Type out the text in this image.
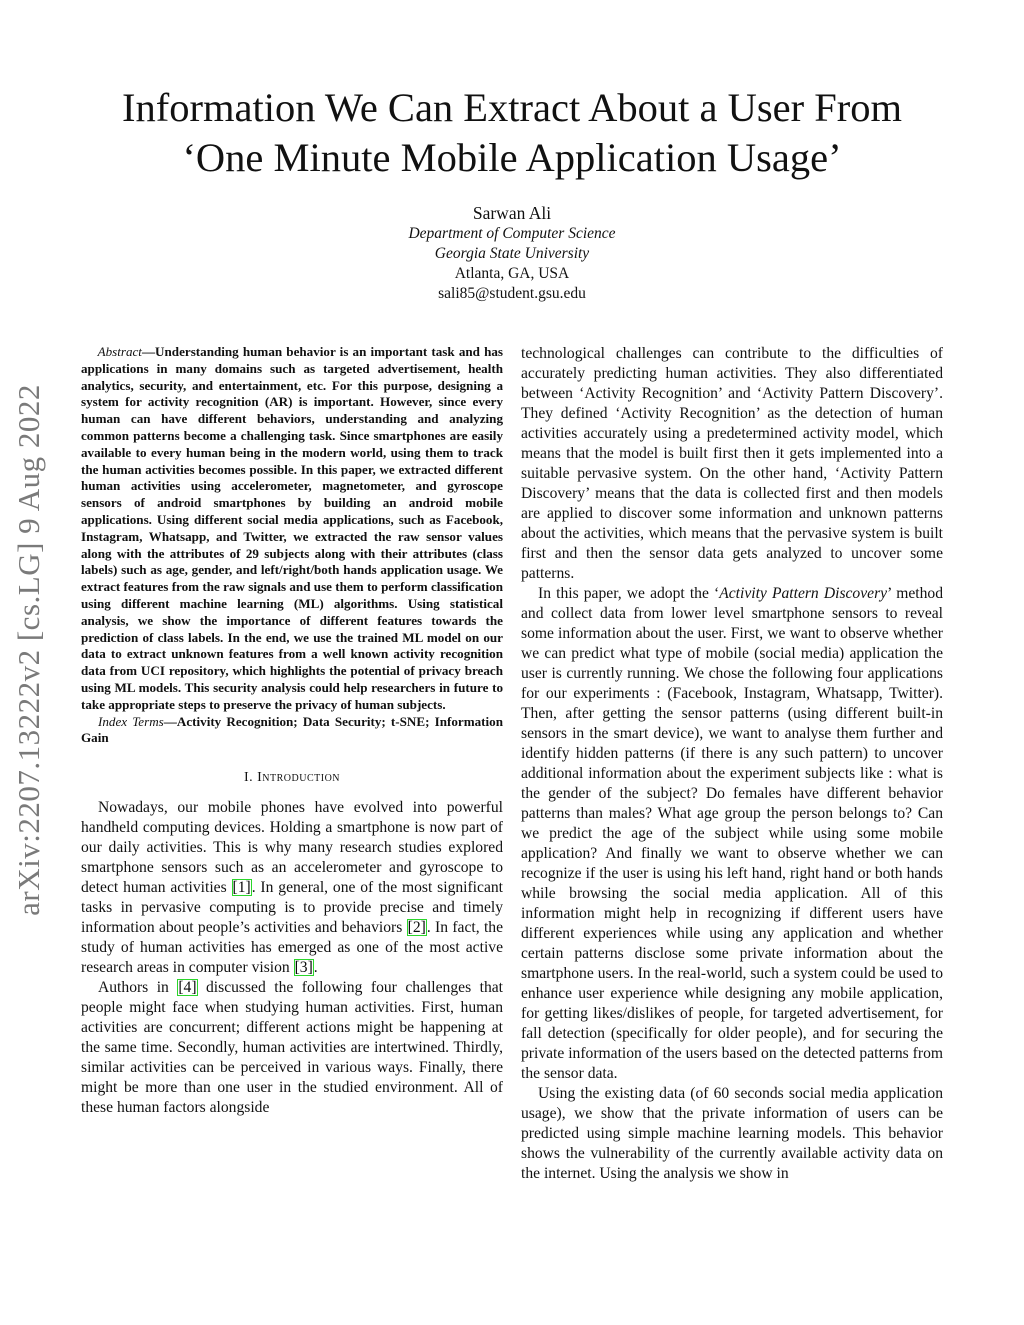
arXiv:2207.13222v2 [cs.LG] 9 Aug 2022
Information We Can Extract About a User From
‘One Minute Mobile Application Usage’
Sarwan Ali
Department of Computer Science
Georgia State University
Atlanta, GA, USA
sali85@student.gsu.edu

Abstract—Understanding human behavior is an important task and has applications in many domains such as targeted advertisement, health analytics, security, and entertainment, etc. For this purpose, designing a system for activity recognition (AR) is important. However, since every human can have different behaviors, understanding and analyzing common patterns become a challenging task. Since smartphones are easily available to every human being in the modern world, using them to track the human activities becomes possible. In this paper, we extracted different human activities using accelerometer, magnetometer, and gyroscope sensors of android smartphones by building an android mobile applications. Using different social media applications, such as Facebook, Instagram, Whatsapp, and Twitter, we extracted the raw sensor values along with the attributes of 29 subjects along with their attributes (class labels) such as age, gender, and left/right/both hands application usage. We extract features from the raw signals and use them to perform classification using different machine learning (ML) algorithms. Using statistical analysis, we show the importance of different features towards the prediction of class labels. In the end, we use the trained ML model on our data to extract unknown features from a well known activity recognition data from UCI repository, which highlights the potential of privacy breach using ML models. This security analysis could help researchers in future to take appropriate steps to preserve the privacy of human subjects.

Index Terms—Activity Recognition; Data Security; t-SNE; Information Gain

I. Introduction

Nowadays, our mobile phones have evolved into powerful handheld computing devices. Holding a smartphone is now part of our daily activities. This is why many research studies explored smartphone sensors such as an accelerometer and gyroscope to detect human activities [1]. In general, one of the most significant tasks in pervasive computing is to provide precise and timely information about people’s activities and behaviors [2]. In fact, the study of human activities has emerged as one of the most active research areas in computer vision [3].

Authors in [4] discussed the following four challenges that people might face when studying human activities. First, human activities are concurrent; different actions might be happening at the same time. Secondly, human activities are intertwined. Thirdly, similar activities can be perceived in various ways. Finally, there might be more than one user in the studied environment. All of these human factors alongside

technological challenges can contribute to the difficulties of accurately predicting human activities. They also differentiated between ‘Activity Recognition’ and ‘Activity Pattern Discovery’. They defined ‘Activity Recognition’ as the detection of human activities accurately using a predetermined activity model, which means that the model is built first then it gets implemented into a suitable pervasive system. On the other hand, ‘Activity Pattern Discovery’ means that the data is collected first and then models are applied to discover some information and unknown patterns about the activities, which means that the pervasive system is built first and then the sensor data gets analyzed to uncover some patterns.

In this paper, we adopt the ‘Activity Pattern Discovery’ method and collect data from lower level smartphone sensors to reveal some information about the user. First, we want to observe whether we can predict what type of mobile (social media) application the user is currently running. We chose the following four applications for our experiments : (Facebook, Instagram, Whatsapp, Twitter). Then, after getting the sensor patterns (using different built-in sensors in the smart device), we want to analyse them further and identify hidden patterns (if there is any such pattern) to uncover additional information about the experiment subjects like : what is the gender of the subject? Do females have different behavior patterns than males? What age group the person belongs to? Can we predict the age of the subject while using some mobile application? And finally we want to observe whether we can recognize if the user is using his left hand, right hand or both hands while browsing the social media application. All of this information might help in recognizing if different users have different experiences while using any application and whether certain patterns disclose some private information about the smartphone users. In the real-world, such a system could be used to enhance user experience while designing any mobile application, for getting likes/dislikes of people, for targeted advertisement, for fall detection (specifically for older people), and for securing the private information of the users based on the detected patterns from the sensor data.

Using the existing data (of 60 seconds social media application usage), we show that the private information of users can be predicted using simple machine learning models. This behavior shows the vulnerability of the currently available activity data on the internet. Using the analysis we show in
